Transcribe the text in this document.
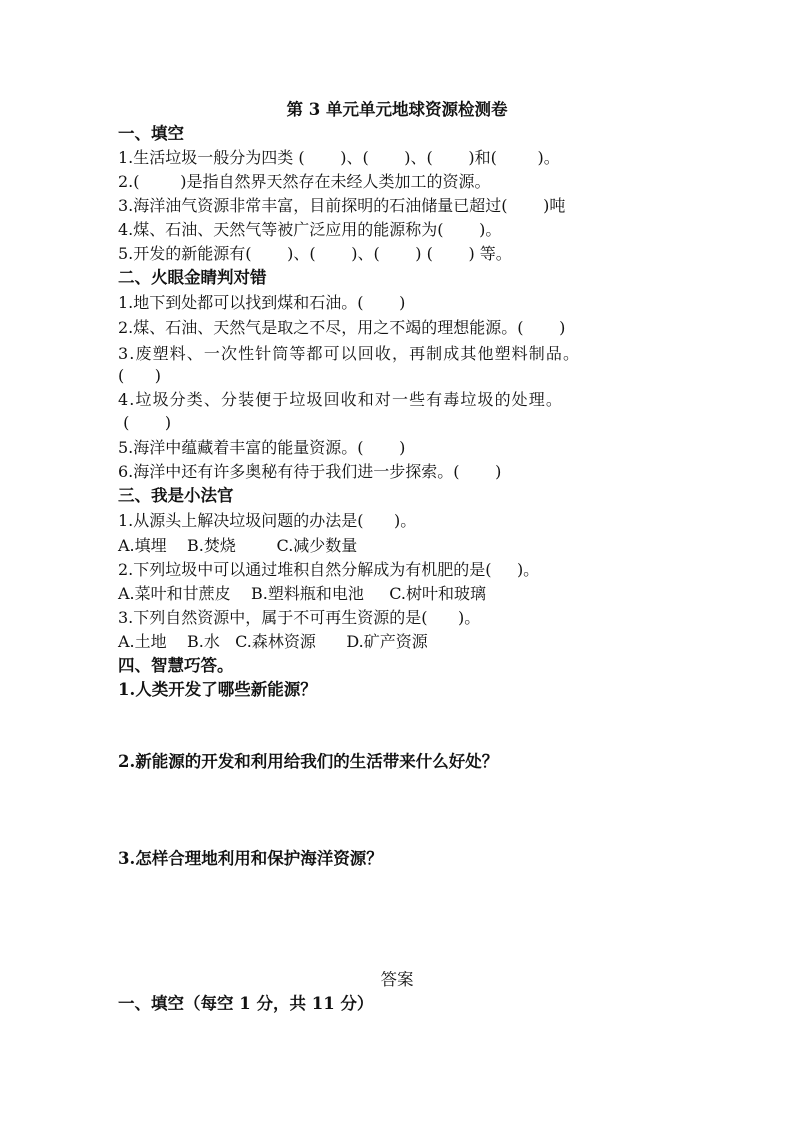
第 3 单元单元地球资源检测卷
一、填空
1.生活垃圾一般分为四类 (       )、(       )、(       )和(        )。
2.(        )是指自然界天然存在未经人类加工的资源。
3.海洋油气资源非常丰富，目前探明的石油储量已超过(       )吨
4.煤、石油、天然气等被广泛应用的能源称为(       )。
5.开发的新能源有(       )、(       )、(       ) (       ) 等。
二、火眼金睛判对错
1.地下到处都可以找到煤和石油。(       )
2.煤、石油、天然气是取之不尽，用之不竭的理想能源。(       )
3.废塑料、一次性针筒等都可以回收，再制成其他塑料制品。
(      )
4.垃圾分类、分装便于垃圾回收和对一些有毒垃圾的处理。
(       )
5.海洋中蕴藏着丰富的能量资源。(       )
6.海洋中还有许多奥秘有待于我们进一步探索。(       )
三、我是小法官
1.从源头上解决垃圾问题的办法是(      )。
A.填埋    B.焚烧        C.减少数量
2.下列垃圾中可以通过堆积自然分解成为有机肥的是(     )。
A.菜叶和甘蔗皮    B.塑料瓶和电池     C.树叶和玻璃
3.下列自然资源中，属于不可再生资源的是(      )。
A.土地    B.水   C.森林资源      D.矿产资源
四、智慧巧答。
1.人类开发了哪些新能源？
2.新能源的开发和利用给我们的生活带来什么好处？
3.怎样合理地利用和保护海洋资源？
答案
一、填空（每空 1 分，共 11 分）
